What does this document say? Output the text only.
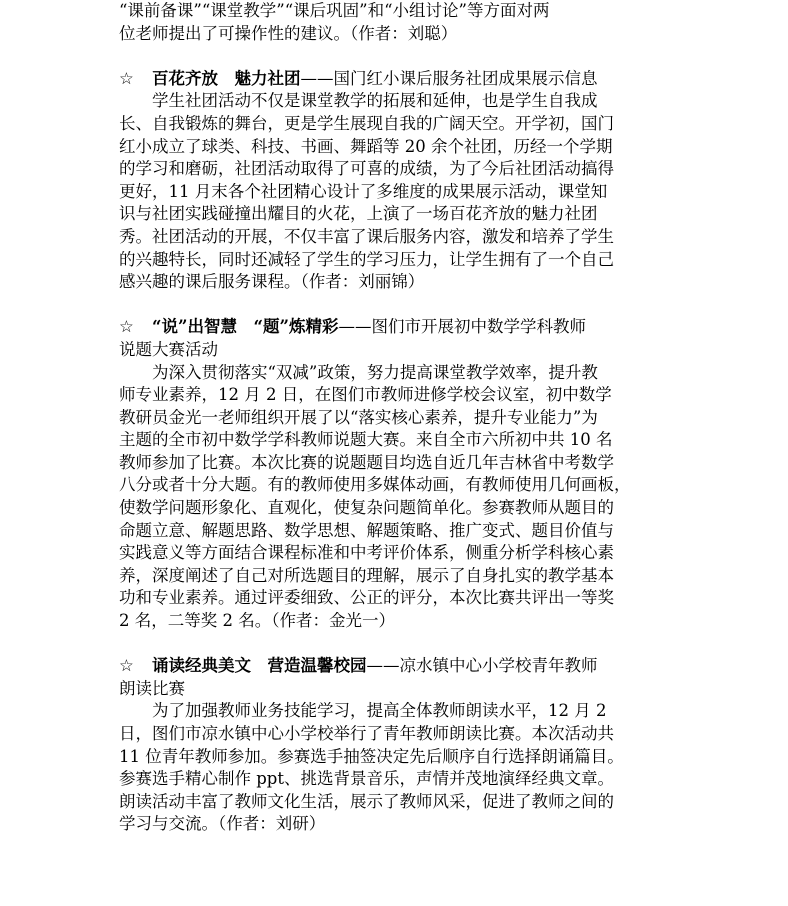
“课前备课”“课堂教学”“课后巩固”和“小组讨论”等方面对两

位老师提出了可操作性的建议。（作者：刘聪）

☆ 百花齐放　魅力社团——国门红小课后服务社团成果展示信息

学生社团活动不仅是课堂教学的拓展和延伸，也是学生自我成

长、自我锻炼的舞台，更是学生展现自我的广阔天空。开学初，国门

红小成立了球类、科技、书画、舞蹈等 20 余个社团，历经一个学期

的学习和磨砺，社团活动取得了可喜的成绩，为了今后社团活动搞得

更好，11 月末各个社团精心设计了多维度的成果展示活动，课堂知

识与社团实践碰撞出耀目的火花，上演了一场百花齐放的魅力社团

秀。社团活动的开展，不仅丰富了课后服务内容，激发和培养了学生

的兴趣特长，同时还减轻了学生的学习压力，让学生拥有了一个自己

感兴趣的课后服务课程。（作者：刘丽锦）

☆ “说”出智慧　“题”炼精彩——图们市开展初中数学学科教师

说题大赛活动

为深入贯彻落实“双减”政策，努力提高课堂教学效率，提升教

师专业素养，12 月 2 日，在图们市教师进修学校会议室，初中数学

教研员金光一老师组织开展了以“落实核心素养，提升专业能力”为

主题的全市初中数学学科教师说题大赛。来自全市六所初中共 10 名

教师参加了比赛。本次比赛的说题题目均选自近几年吉林省中考数学

八分或者十分大题。有的教师使用多媒体动画，有教师使用几何画板，

使数学问题形象化、直观化，使复杂问题简单化。参赛教师从题目的

命题立意、解题思路、数学思想、解题策略、推广变式、题目价值与

实践意义等方面结合课程标准和中考评价体系，侧重分析学科核心素

养，深度阐述了自己对所选题目的理解，展示了自身扎实的教学基本

功和专业素养。通过评委细致、公正的评分，本次比赛共评出一等奖

2 名，二等奖 2 名。（作者：金光一）

☆ 诵读经典美文　营造温馨校园——凉水镇中心小学校青年教师

朗读比赛

为了加强教师业务技能学习，提高全体教师朗读水平，12 月 2

日，图们市凉水镇中心小学校举行了青年教师朗读比赛。本次活动共

11 位青年教师参加。参赛选手抽签决定先后顺序自行选择朗诵篇目。

参赛选手精心制作 ppt、挑选背景音乐，声情并茂地演绎经典文章。

朗读活动丰富了教师文化生活，展示了教师风采，促进了教师之间的

学习与交流。（作者：刘研）
